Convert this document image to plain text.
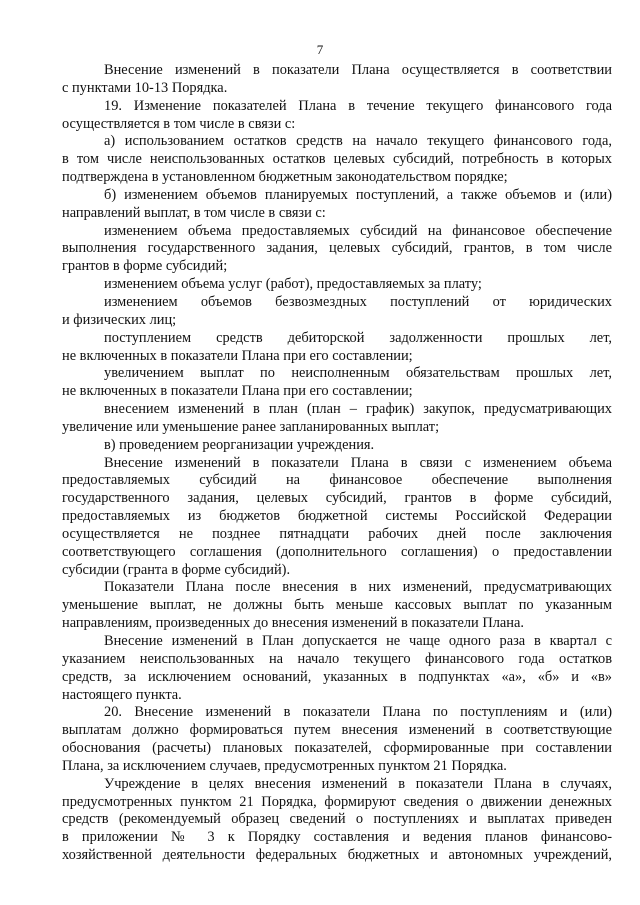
7
Внесение изменений в показатели Плана осуществляется в соответствии
с пунктами 10-13 Порядка.
19. Изменение показателей Плана в течение текущего финансового года
осуществляется в том числе в связи с:
а) использованием остатков средств на начало текущего финансового года,
в том числе неиспользованных остатков целевых субсидий, потребность в которых
подтверждена в установленном бюджетным законодательством порядке;
б) изменением объемов планируемых поступлений, а также объемов и (или)
направлений выплат, в том числе в связи с:
изменением объема предоставляемых субсидий на финансовое обеспечение
выполнения государственного задания, целевых субсидий, грантов, в том числе
грантов в форме субсидий;
изменением объема услуг (работ), предоставляемых за плату;
изменением объемов безвозмездных поступлений от юридических
и физических лиц;
поступлением средств дебиторской задолженности прошлых лет,
не включенных в показатели Плана при его составлении;
увеличением выплат по неисполненным обязательствам прошлых лет,
не включенных в показатели Плана при его составлении;
внесением изменений в план (план – график) закупок, предусматривающих
увеличение или уменьшение ранее запланированных выплат;
в) проведением реорганизации учреждения.
Внесение изменений в показатели Плана в связи с изменением объема
предоставляемых субсидий на финансовое обеспечение выполнения
государственного задания, целевых субсидий, грантов в форме субсидий,
предоставляемых из бюджетов бюджетной системы Российской Федерации
осуществляется не позднее пятнадцати рабочих дней после заключения
соответствующего соглашения (дополнительного соглашения) о предоставлении
субсидии (гранта в форме субсидий).
Показатели Плана после внесения в них изменений, предусматривающих
уменьшение выплат, не должны быть меньше кассовых выплат по указанным
направлениям, произведенных до внесения изменений в показатели Плана.
Внесение изменений в План допускается не чаще одного раза в квартал с
указанием неиспользованных на начало текущего финансового года остатков
средств, за исключением оснований, указанных в подпунктах «а», «б» и «в»
настоящего пункта.
20. Внесение изменений в показатели Плана по поступлениям и (или)
выплатам должно формироваться путем внесения изменений в соответствующие
обоснования (расчеты) плановых показателей, сформированные при составлении
Плана, за исключением случаев, предусмотренных пунктом 21 Порядка.
Учреждение в целях внесения изменений в показатели Плана в случаях,
предусмотренных пунктом 21 Порядка, формируют сведения о движении денежных
средств (рекомендуемый образец сведений о поступлениях и выплатах приведен
в приложении № 3 к Порядку составления и ведения планов финансово-
хозяйственной деятельности федеральных бюджетных и автономных учреждений,
